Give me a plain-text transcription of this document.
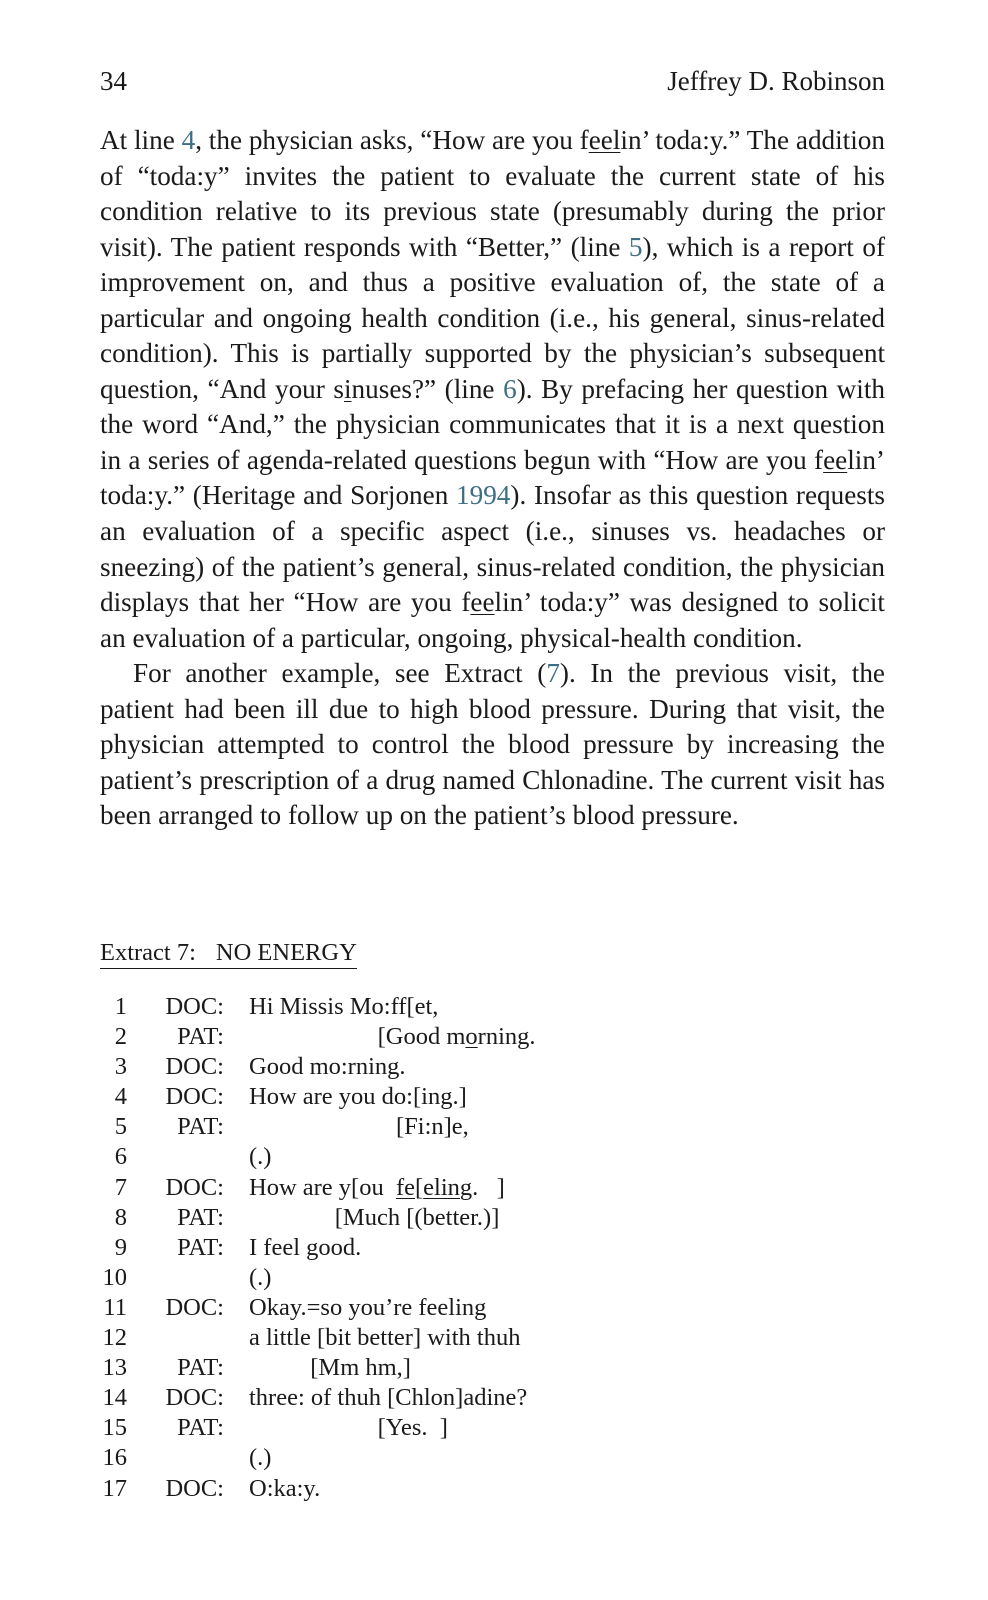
34	Jeffrey D. Robinson

At line 4, the physician asks, “How are you feelin’ toda:y.” The addition of “toda:y” invites the patient to evaluate the current state of his condition relative to its previous state (presumably during the prior visit). The patient responds with “Better,” (line 5), which is a report of improvement on, and thus a positive evaluation of, the state of a particular and ongoing health condition (i.e., his general, sinus-related condition). This is partially supported by the physician’s subsequent question, “And your sinuses?” (line 6). By prefacing her question with the word “And,” the physician communicates that it is a next question in a series of agenda-related questions begun with “How are you feelin’ toda:y.” (Heritage and Sorjonen 1994). Insofar as this question requests an evaluation of a specific aspect (i.e., sinuses vs. headaches or sneezing) of the patient’s general, sinus-related condition, the physician displays that her “How are you feelin’ toda:y” was designed to solicit an evaluation of a particular, ongoing, physical-health condition.

For another example, see Extract (7). In the previous visit, the patient had been ill due to high blood pressure. During that visit, the physician attempted to control the blood pressure by increasing the patient’s prescription of a drug named Chlonadine. The current visit has been arranged to follow up on the patient’s blood pressure.

Extract 7: NO ENERGY
1	DOC: Hi Missis Mo:ff[et,
2	PAT: [Good morning.
3	DOC: Good mo:rning.
4	DOC: How are you do:[ing.]
5	PAT: [Fi:n]e,
6	(.)
7	DOC: How are y[ou  fe[eling.   ]
8	PAT: [Much [(better.)]
9	PAT: I feel good.
10	(.)
11	DOC: Okay.=so you’re feeling
12	a little [bit better] with thuh
13	PAT: [Mm hm,]
14	DOC: three: of thuh [Chlon]adine?
15	PAT: [Yes.  ]
16	(.)
17	DOC: O:ka:y.
